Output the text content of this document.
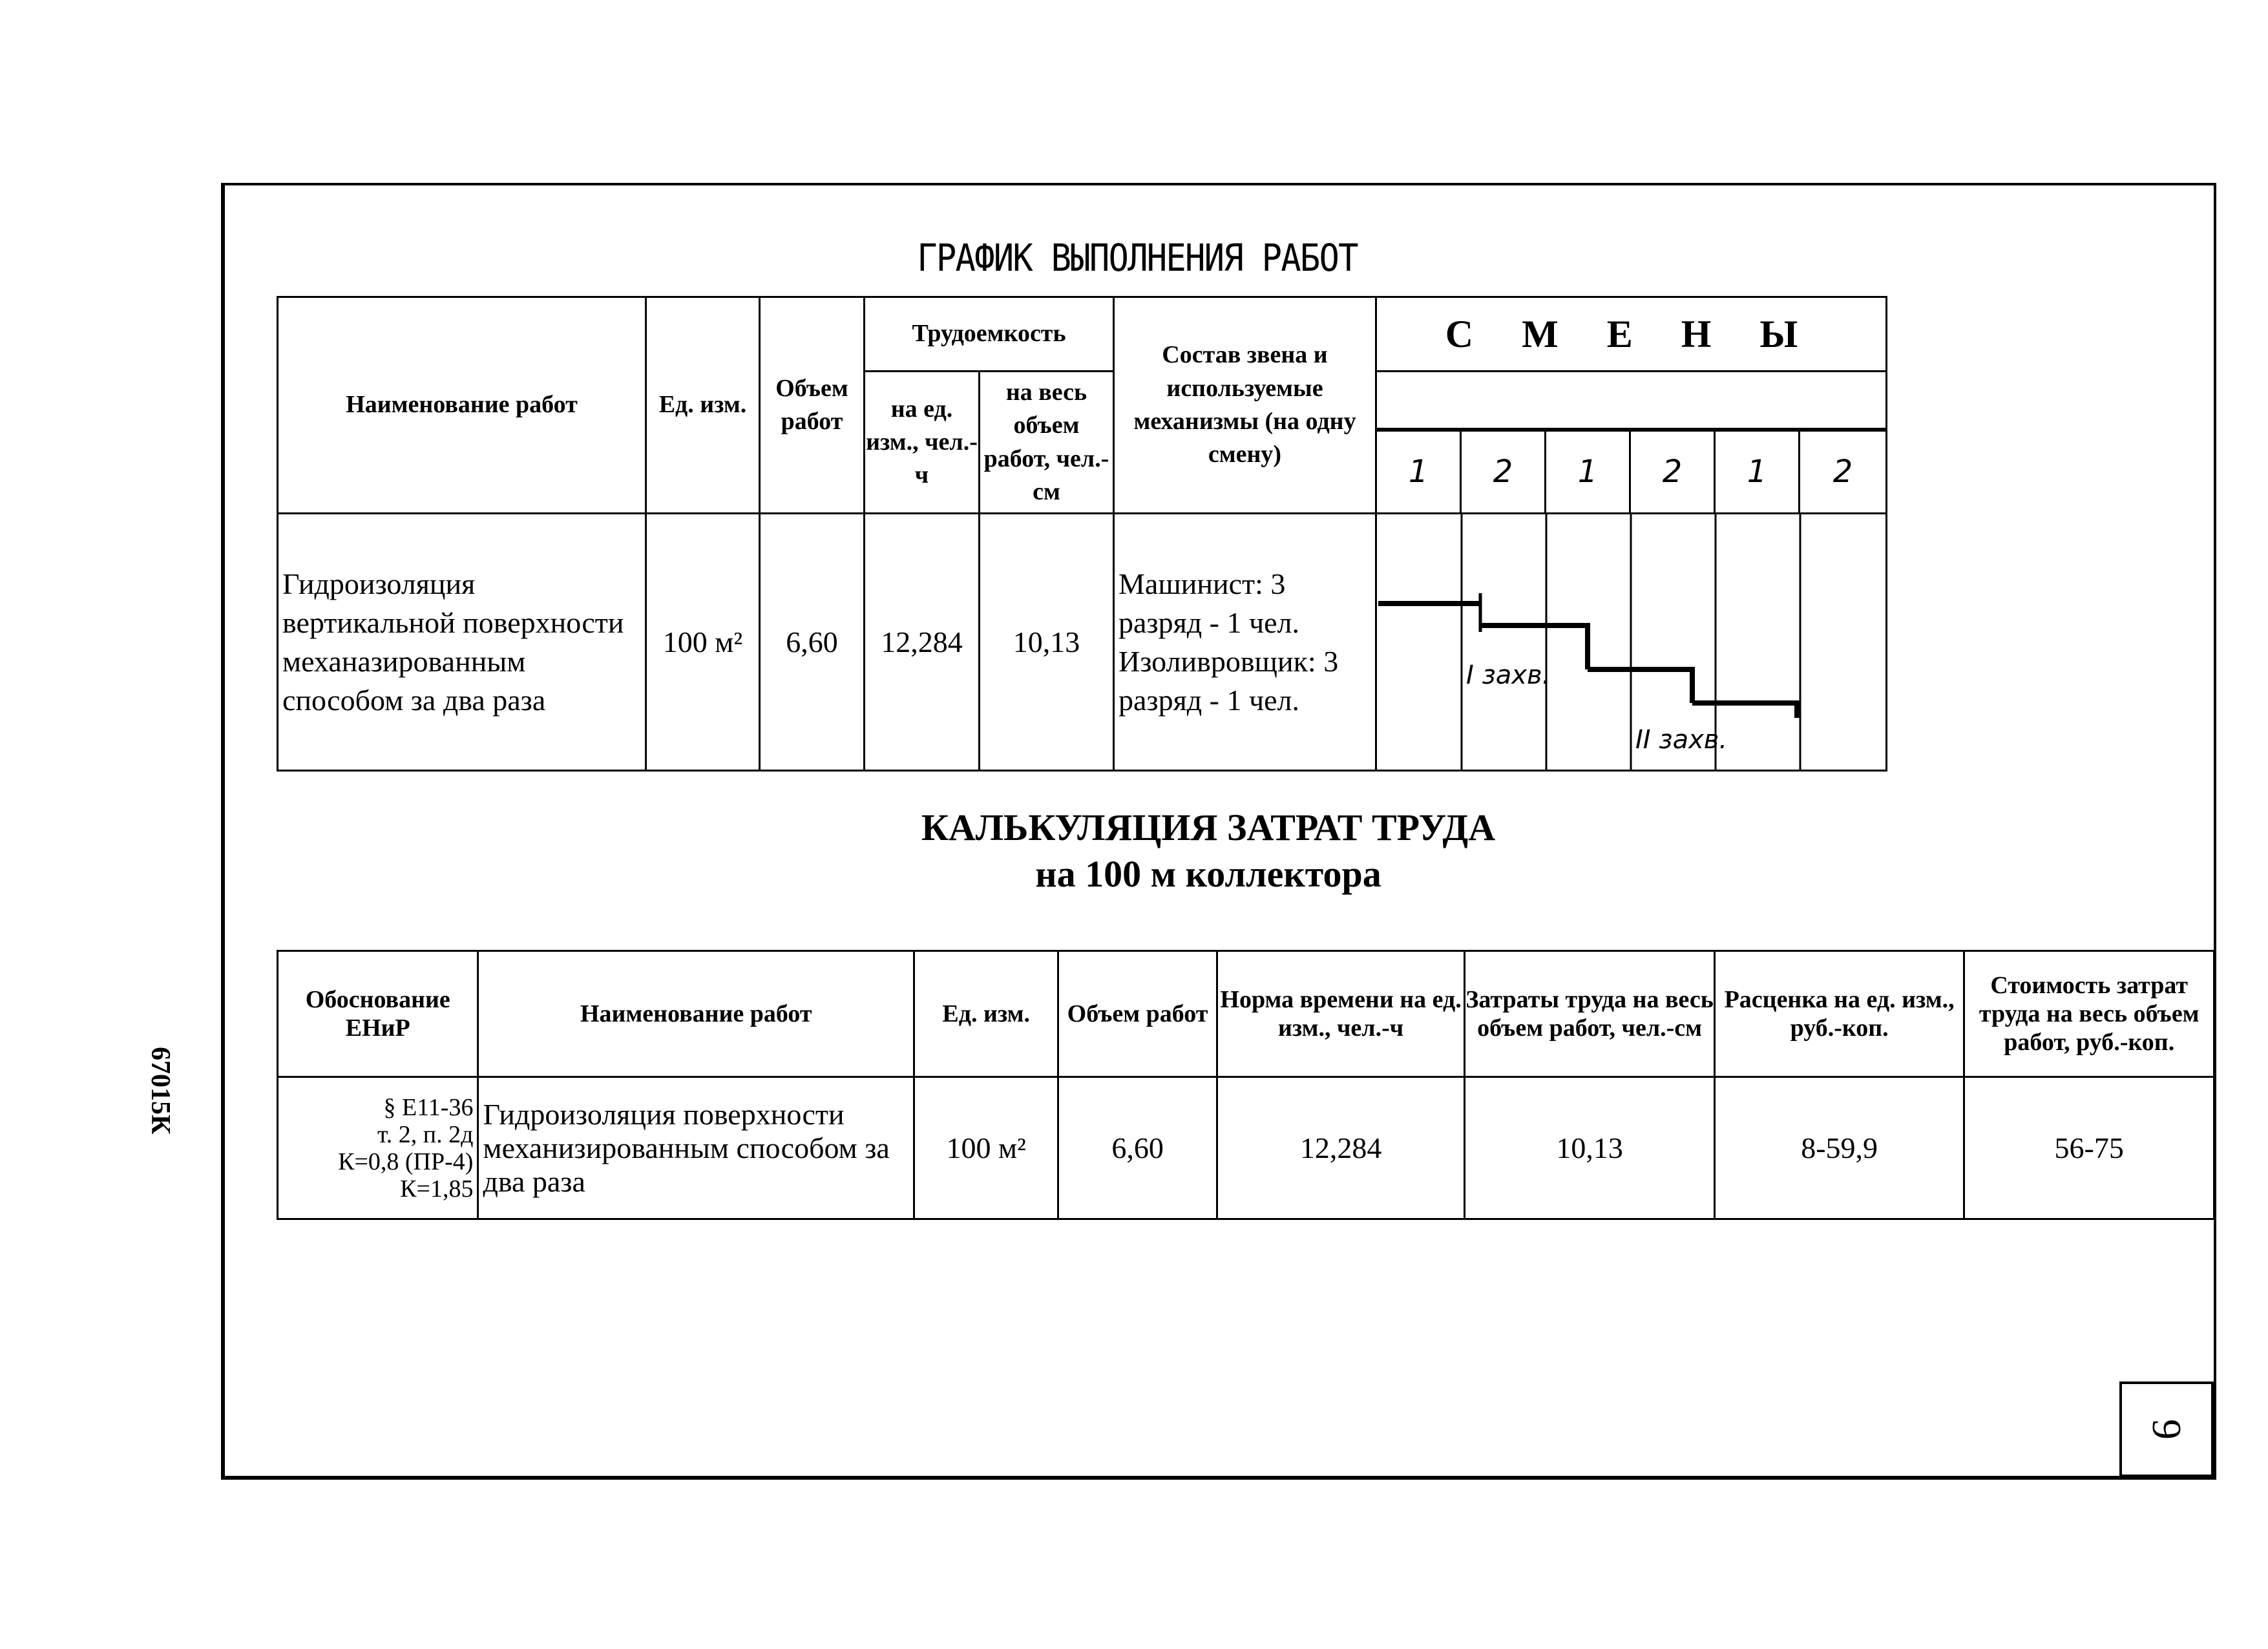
ГРАФИК ВЫПОЛНЕНИЯ РАБОТ
Наименование работ	Ед. изм.	Объем работ	Трудоемкость		Состав звена и используемые механизмы (на одну смену)	С М Е Н Ы					
			на ед. изм., чел.-ч	на весь объем работ, чел.-см							
						1	2	1	2	1	2
Гидроизоляция вертикальной поверхности механазированным способом за два раза	100 м²	6,60	12,284	10,13	Машинист: 3 разряд - 1 чел. Изоливровщик: 3 разряд - 1 чел.	I захв.
II захв.					
КАЛЬКУЛЯЦИЯ ЗАТРАТ ТРУДА
на 100 м коллектора
Обоснование ЕНиР	Наименование работ	Ед. изм.	Объем работ	Норма времени на ед. изм., чел.-ч	Затраты труда на весь объем работ, чел.-см	Расценка на ед. изм., руб.-коп.	Стоимость затрат труда на весь объем работ, руб.-коп.

§ Е11-36
т. 2, п. 2д
К=0,8 (ПР-4)
К=1,85	Гидроизоляция поверхности механизированным способом за два раза	100 м²	6,60	12,284	10,13	8-59,9	56-75
67015К
9
